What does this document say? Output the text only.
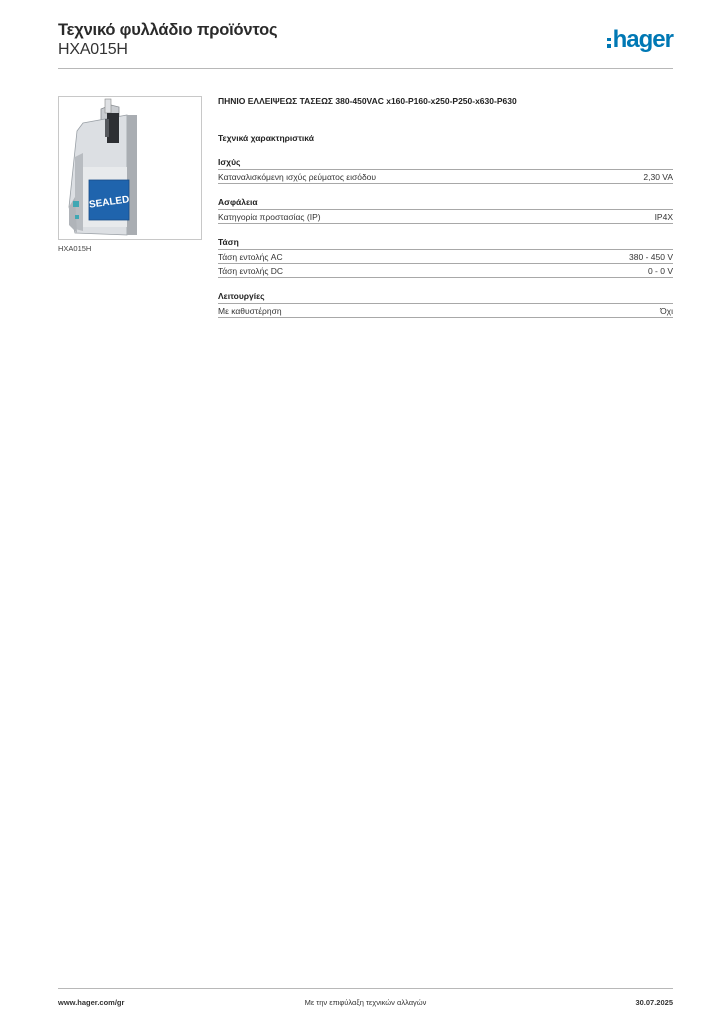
Τεχνικό φυλλάδιο προϊόντος
HXA015H	hager
SEALED
HXA015H
ΠΗΝΙΟ ΕΛΛΕΙΨΕΩΣ ΤΑΣΕΩΣ 380-450VAC x160-P160-x250-P250-x630-P630
Τεχνικά χαρακτηριστικά
Ισχύς
Καταναλισκόμενη ισχύς ρεύματος εισόδου	2,30 VA
Ασφάλεια
Κατηγορία προστασίας (IP)	IP4X
Τάση
Τάση εντολής AC	380 - 450 V
Τάση εντολής DC	0 - 0 V
Λειτουργίες
Με καθυστέρηση	Όχι
Με την επιφύλαξη τεχνικών αλλαγών
www.hager.com/gr	30.07.2025
